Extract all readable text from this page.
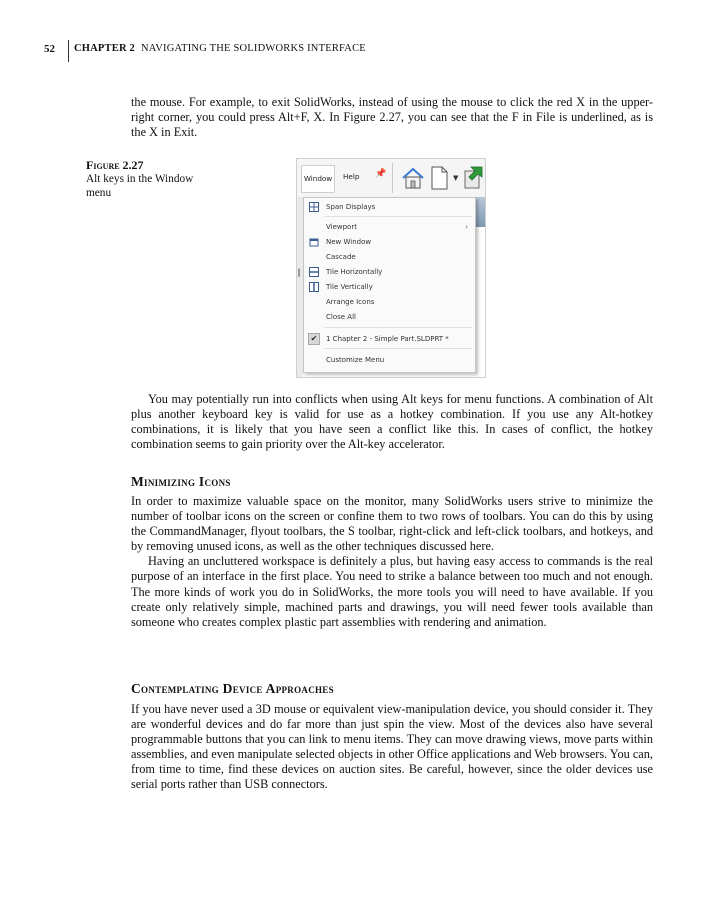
52 CHAPTER 2 NAVIGATING THE SOLIDWORKS INTERFACE

the mouse. For example, to exit SolidWorks, instead of using the mouse to click the red X in the upper-right corner, you could press Alt+F, X. In Figure 2.27, you can see that the F in File is underlined, as is the X in Exit.

Figure 2.27
Alt keys in the Window menu
Window	Help 📌	▼
║
Span Displays
Viewport	›
New Window
Cascade
Tile Horizontally
Tile Vertically
Arrange Icons
Close All
✔	1 Chapter 2 - Simple Part.SLDPRT *
Customize Menu

You may potentially run into conflicts when using Alt keys for menu functions. A combination of Alt plus another keyboard key is valid for use as a hotkey combination. If you use any Alt-hotkey combinations, it is likely that you have seen a conflict like this. In cases of conflict, the hotkey combination seems to gain priority over the Alt-key accelerator.

Minimizing Icons

In order to maximize valuable space on the monitor, many SolidWorks users strive to minimize the number of toolbar icons on the screen or confine them to two rows of toolbars. You can do this by using the CommandManager, flyout toolbars, the S toolbar, right-click and left-click toolbars, and hotkeys, and by removing unused icons, as well as the other techniques discussed here.

Having an uncluttered workspace is definitely a plus, but having easy access to commands is the real purpose of an interface in the first place. You need to strike a balance between too much and not enough. The more kinds of work you do in SolidWorks, the more tools you will need to have available. If you create only relatively simple, machined parts and drawings, you will need fewer tools available than someone who creates complex plastic part assemblies with rendering and animation.

Contemplating Device Approaches

If you have never used a 3D mouse or equivalent view-manipulation device, you should consider it. They are wonderful devices and do far more than just spin the view. Most of the devices also have several programmable buttons that you can link to menu items. They can move drawing views, move parts within assemblies, and even manipulate selected objects in other Office applications and Web browsers. You can, from time to time, find these devices on auction sites. Be careful, however, since the older devices use serial ports rather than USB connectors.
